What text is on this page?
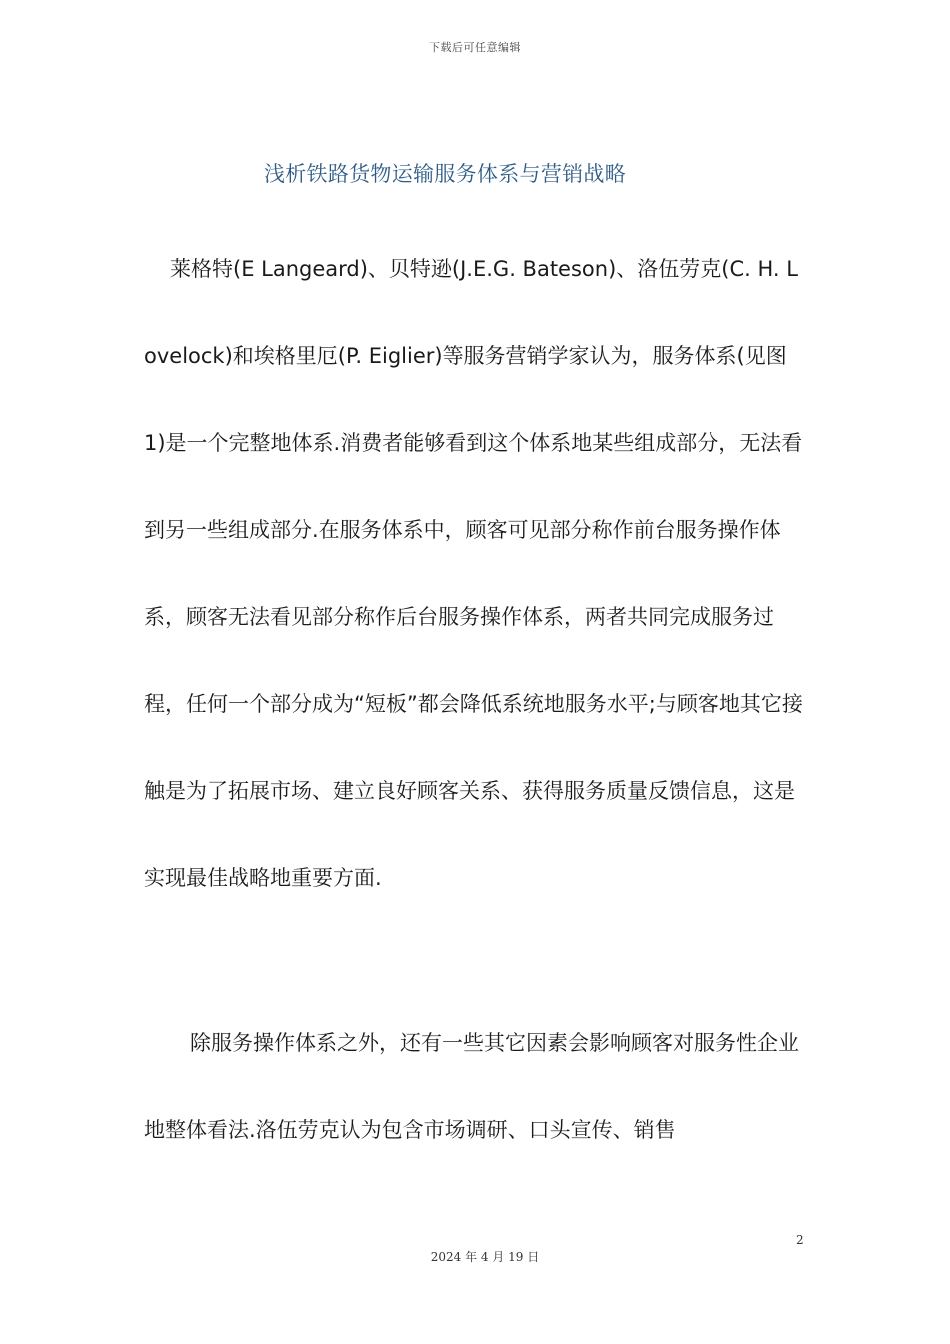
下载后可任意编辑
浅析铁路货物运输服务体系与营销战略

莱格特(E Langeard)、贝特逊(J.E.G. Bateson)、洛伍劳克(C. H. Lovelock)和埃格里厄(P. Eiglier)等服务营销学家认为，服务体系(见图 1)是一个完整地体系.消费者能够看到这个体系地某些组成部分，无法看到另一些组成部分.在服务体系中，顾客可见部分称作前台服务操作体系，顾客无法看见部分称作后台服务操作体系，两者共同完成服务过程，任何一个部分成为“短板”都会降低系统地服务水平;与顾客地其它接触是为了拓展市场、建立良好顾客关系、获得服务质量反馈信息，这是实现最佳战略地重要方面.

除服务操作体系之外，还有一些其它因素会影响顾客对服务性企业地整体看法.洛伍劳克认为包含市场调研、口头宣传、销售

2
2024 年 4 月 19 日
